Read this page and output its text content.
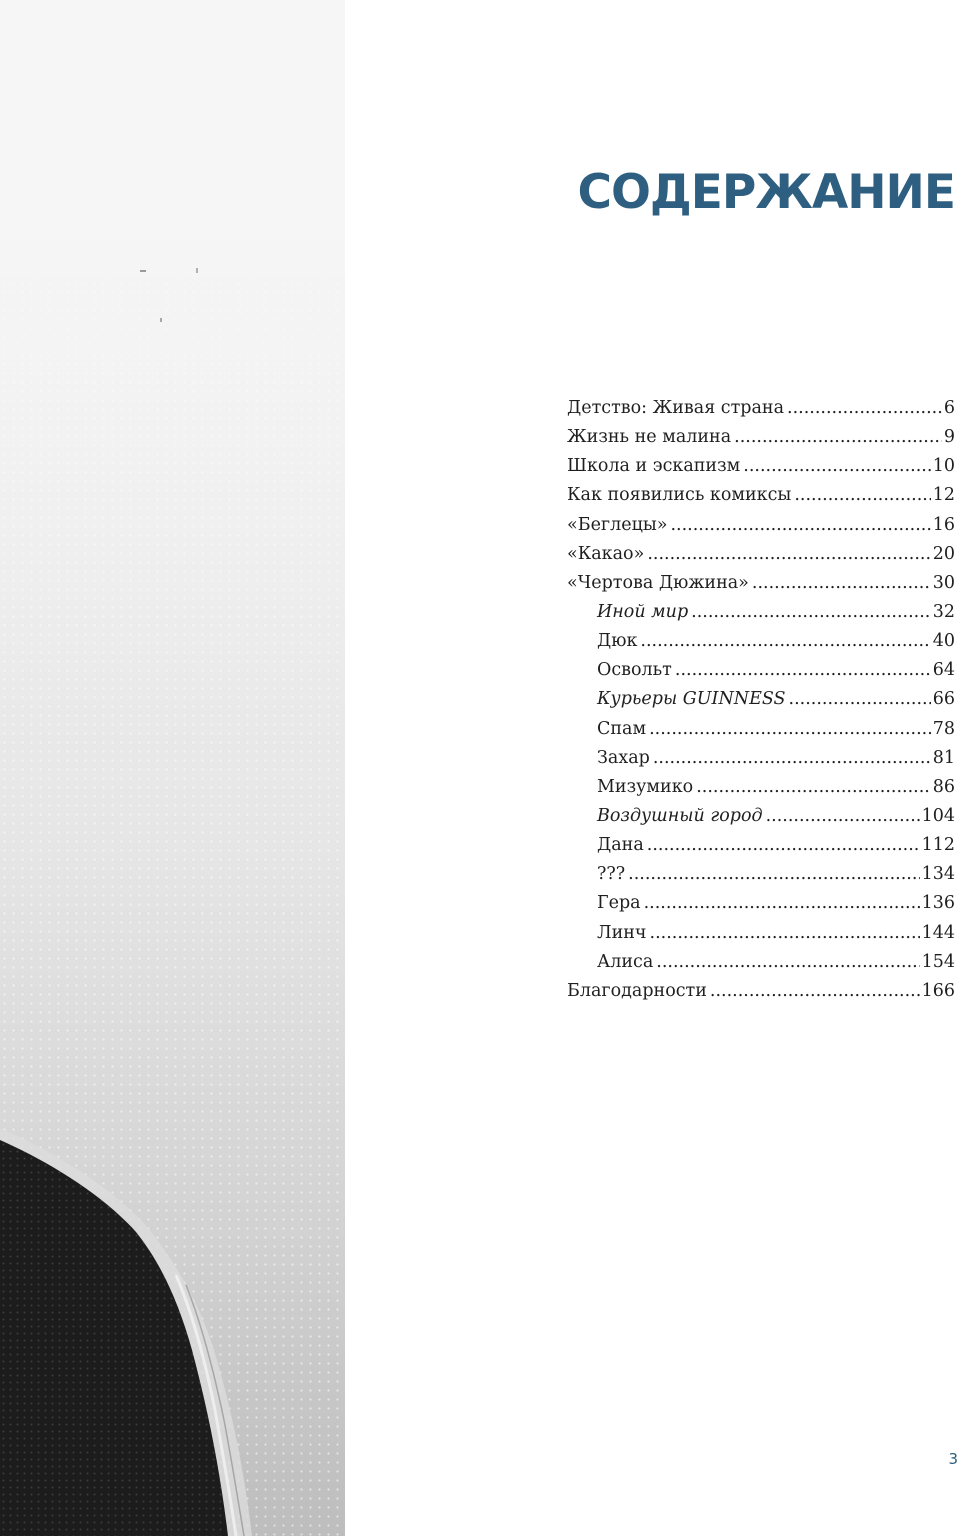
СОДЕРЖАНИЕ
Детство: Живая страна .....	6
Жизнь не малина .....	9
Школа и эскапизм .....	10
Как появились комиксы .....	12
«Беглецы» .....	16
«Какао» .....	20
«Чертова Дюжина» .....	30
Иной мир .....	32
Дюк .....	40
Освольт .....	64
Курьеры GUINNESS .....	66
Спам .....	78
Захар .....	81
Мизумико .....	86
Воздушный город .....	104
Дана .....	112
??? .....	134
Гера .....	136
Линч .....	144
Алиса .....	154
Благодарности .....	166
3
